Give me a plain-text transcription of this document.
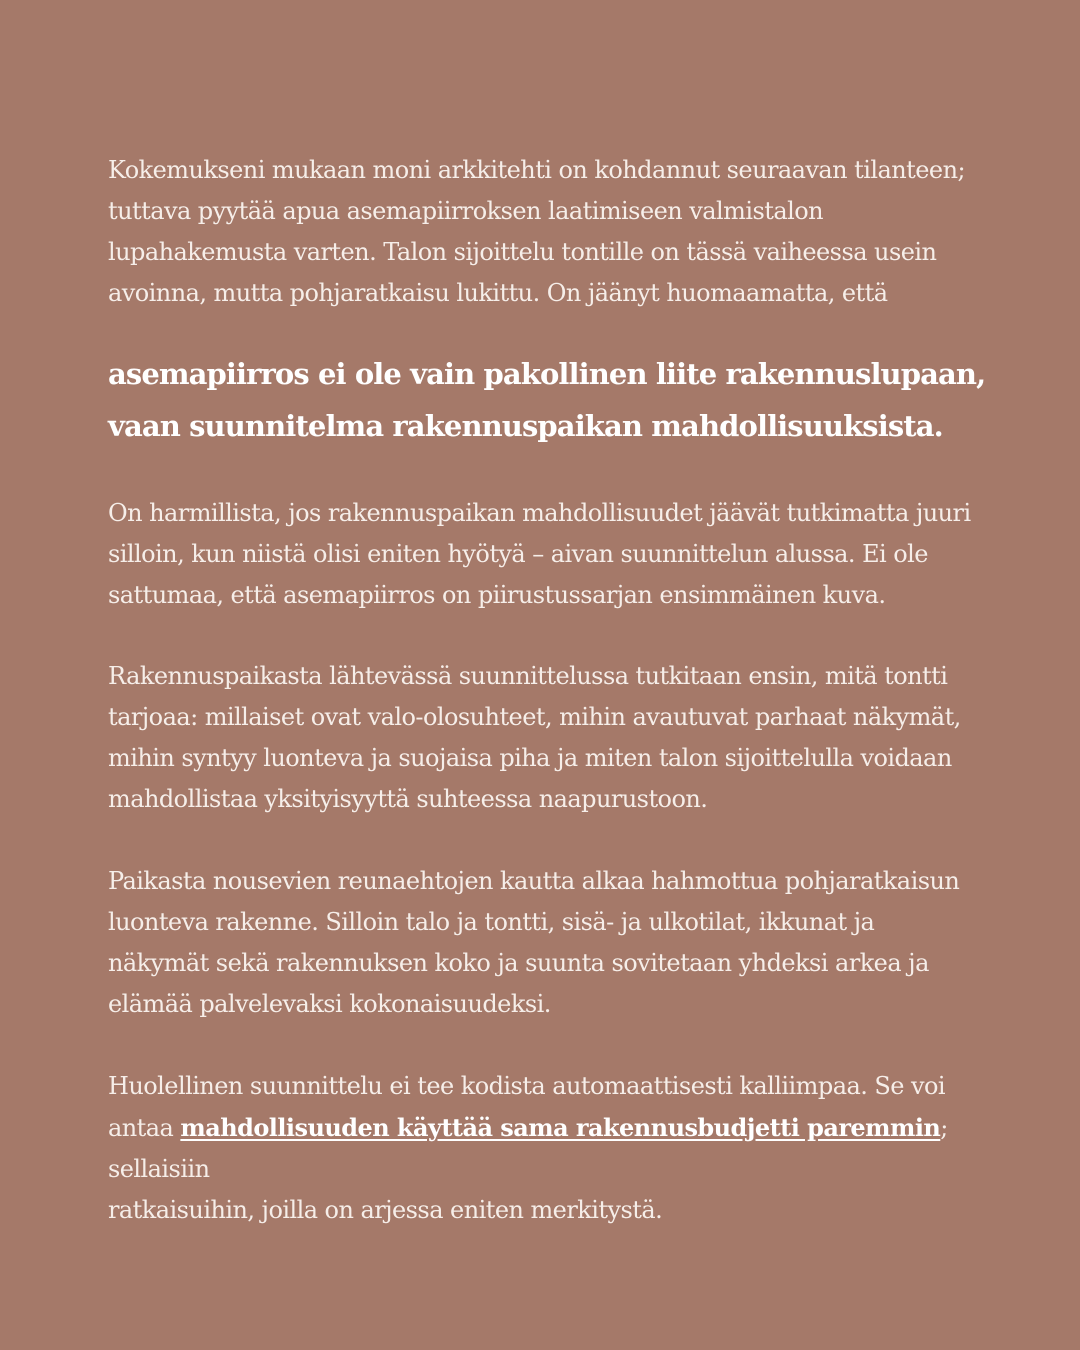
Kokemukseni mukaan moni arkkitehti on kohdannut seuraavan tilanteen;
tuttava pyytää apua asemapiirroksen laatimiseen valmistalon
lupahakemusta varten. Talon sijoittelu tontille on tässä vaiheessa usein
avoinna, mutta pohjaratkaisu lukittu. On jäänyt huomaamatta, että

asemapiirros ei ole vain pakollinen liite rakennuslupaan,
vaan suunnitelma rakennuspaikan mahdollisuuksista.

On harmillista, jos rakennuspaikan mahdollisuudet jäävät tutkimatta juuri
silloin, kun niistä olisi eniten hyötyä – aivan suunnittelun alussa. Ei ole
sattumaa, että asemapiirros on piirustussarjan ensimmäinen kuva.

Rakennuspaikasta lähtevässä suunnittelussa tutkitaan ensin, mitä tontti
tarjoaa: millaiset ovat valo-olosuhteet, mihin avautuvat parhaat näkymät,
mihin syntyy luonteva ja suojaisa piha ja miten talon sijoittelulla voidaan
mahdollistaa yksityisyyttä suhteessa naapurustoon.

Paikasta nousevien reunaehtojen kautta alkaa hahmottua pohjaratkaisun
luonteva rakenne. Silloin talo ja tontti, sisä- ja ulkotilat, ikkunat ja
näkymät sekä rakennuksen koko ja suunta sovitetaan yhdeksi arkea ja
elämää palvelevaksi kokonaisuudeksi.

Huolellinen suunnittelu ei tee kodista automaattisesti kalliimpaa. Se voi
antaa mahdollisuuden käyttää sama rakennusbudjetti paremmin; sellaisiin
ratkaisuihin, joilla on arjessa eniten merkitystä.
